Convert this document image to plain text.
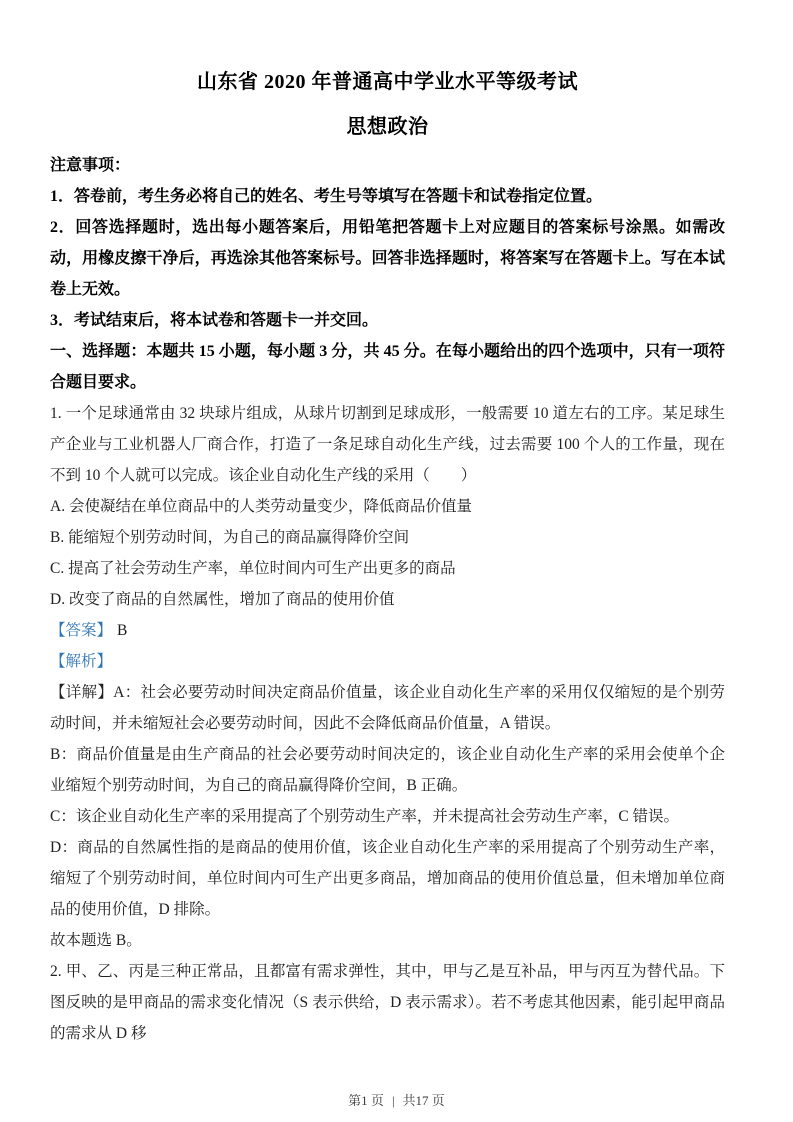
山东省 2020 年普通高中学业水平等级考试
思想政治

注意事项：

1．答卷前，考生务必将自己的姓名、考生号等填写在答题卡和试卷指定位置。

2．回答选择题时，选出每小题答案后，用铅笔把答题卡上对应题目的答案标号涂黑。如需改动，用橡皮擦干净后，再选涂其他答案标号。回答非选择题时，将答案写在答题卡上。写在本试卷上无效。

3．考试结束后，将本试卷和答题卡一并交回。

一、选择题：本题共 15 小题，每小题 3 分，共 45 分。在每小题给出的四个选项中，只有一项符合题目要求。

1. 一个足球通常由 32 块球片组成，从球片切割到足球成形，一般需要 10 道左右的工序。某足球生产企业与工业机器人厂商合作，打造了一条足球自动化生产线，过去需要 100 个人的工作量，现在不到 10 个人就可以完成。该企业自动化生产线的采用（　　）

A. 会使凝结在单位商品中的人类劳动量变少，降低商品价值量

B. 能缩短个别劳动时间，为自己的商品赢得降价空间

C. 提高了社会劳动生产率，单位时间内可生产出更多的商品

D. 改变了商品的自然属性，增加了商品的使用价值

【答案】 B

【解析】

【详解】A：社会必要劳动时间决定商品价值量，该企业自动化生产率的采用仅仅缩短的是个别劳动时间，并未缩短社会必要劳动时间，因此不会降低商品价值量，A 错误。

B：商品价值量是由生产商品的社会必要劳动时间决定的，该企业自动化生产率的采用会使单个企业缩短个别劳动时间，为自己的商品赢得降价空间，B 正确。

C：该企业自动化生产率的采用提高了个别劳动生产率，并未提高社会劳动生产率，C 错误。

D：商品的自然属性指的是商品的使用价值，该企业自动化生产率的采用提高了个别劳动生产率，缩短了个别劳动时间，单位时间内可生产出更多商品，增加商品的使用价值总量，但未增加单位商品的使用价值，D 排除。

故本题选 B。

2. 甲、乙、丙是三种正常品，且都富有需求弹性，其中，甲与乙是互补品，甲与丙互为替代品。下图反映的是甲商品的需求变化情况（S 表示供给，D 表示需求）。若不考虑其他因素，能引起甲商品的需求从 D 移

第1 页 | 共17 页
